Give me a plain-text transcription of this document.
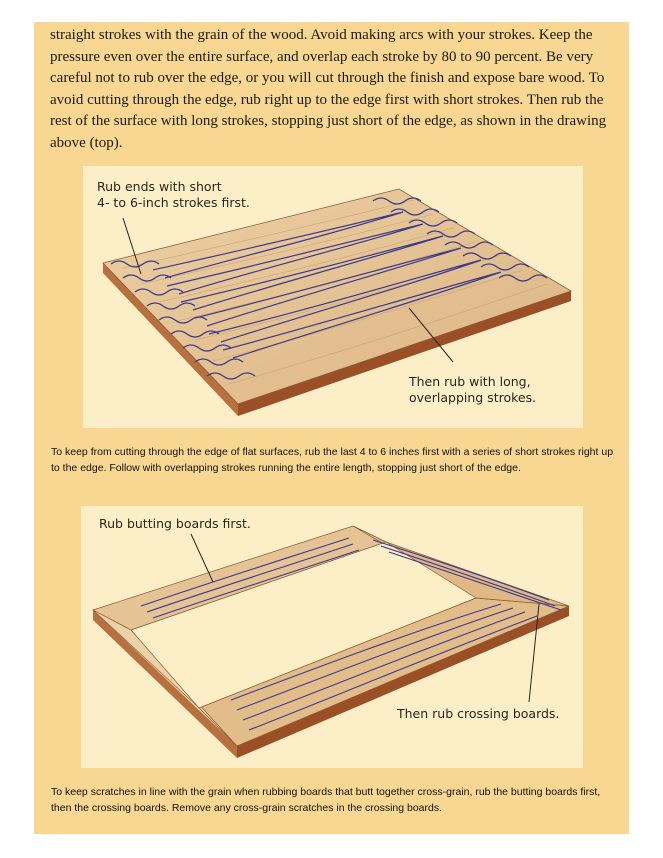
straight strokes with the grain of the wood. Avoid making arcs with your strokes. Keep the pressure even over the entire surface, and overlap each stroke by 80 to 90 percent. Be very careful not to rub over the edge, or you will cut through the finish and expose bare wood. To avoid cutting through the edge, rub right up to the edge first with short strokes. Then rub the rest of the surface with long strokes, stopping just short of the edge, as shown in the drawing above (top).

Rub ends with short
4- to 6-inch strokes first.
Then rub with long,
overlapping strokes.

To keep from cutting through the edge of flat surfaces, rub the last 4 to 6 inches first with a series of short strokes right up to the edge. Follow with overlapping strokes running the entire length, stopping just short of the edge.

Rub butting boards first.
Then rub crossing boards.

To keep scratches in line with the grain when rubbing boards that butt together cross-grain, rub the butting boards first, then the crossing boards. Remove any cross-grain scratches in the crossing boards.
